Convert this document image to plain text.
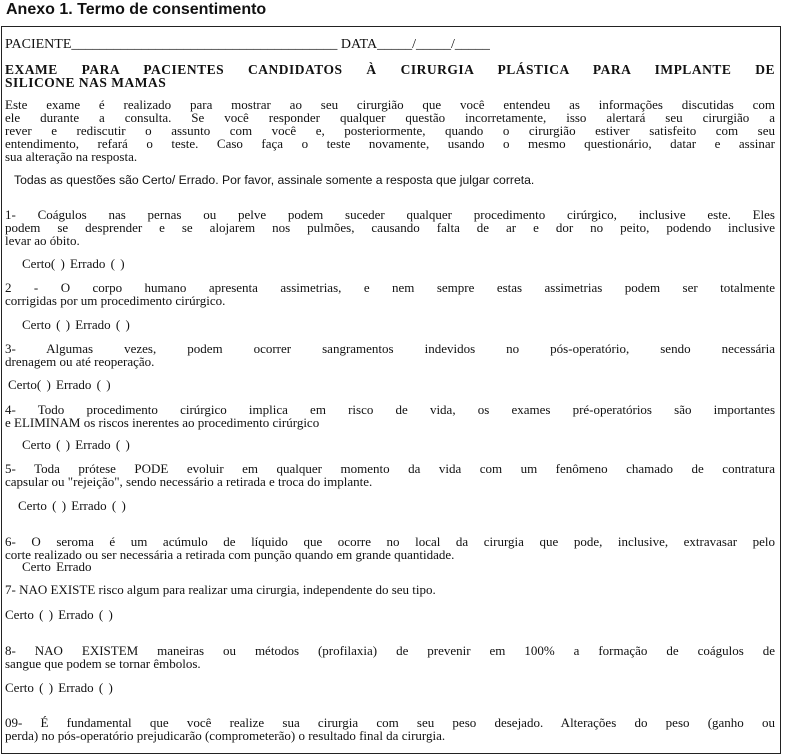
Anexo 1. Termo de consentimento
PACIENTE______________________________________ DATA_____/_____/_____
EXAME PARA PACIENTES CANDIDATOS À CIRURGIA PLÁSTICA PARA IMPLANTE DE
SILICONE NAS MAMAS
Este exame é realizado para mostrar ao seu cirurgião que você entendeu as informações discutidas com
ele durante a consulta. Se você responder qualquer questão incorretamente, isso alertará seu cirurgião a
rever e rediscutir o assunto com você e, posteriormente, quando o cirurgião estiver satisfeito com seu
entendimento, refará o teste. Caso faça o teste novamente, usando o mesmo questionário, datar e assinar
sua alteração na resposta.
Todas as questões são Certo/ Errado. Por favor, assinale somente a resposta que julgar correta.
1- Coágulos nas pernas ou pelve podem suceder qualquer procedimento cirúrgico, inclusive este. Eles
podem se desprender e se alojarem nos pulmões, causando falta de ar e dor no peito, podendo inclusive
levar ao óbito.
Certo( ) Errado ( )
2 - O corpo humano apresenta assimetrias, e nem sempre estas assimetrias podem ser totalmente
corrigidas por um procedimento cirúrgico.
Certo ( ) Errado ( )
3- Algumas vezes, podem ocorrer sangramentos indevidos no pós-operatório, sendo necessária
drenagem ou até reoperação.
Certo( ) Errado ( )
4- Todo procedimento cirúrgico implica em risco de vida, os exames pré-operatórios são importantes
e ELIMINAM os riscos inerentes ao procedimento cirúrgico
Certo ( ) Errado ( )
5- Toda prótese PODE evoluir em qualquer momento da vida com um fenômeno chamado de contratura
capsular ou "rejeição", sendo necessário a retirada e troca do implante.
Certo ( ) Errado ( )
6- O seroma é um acúmulo de líquido que ocorre no local da cirurgia que pode, inclusive, extravasar pelo
corte realizado ou ser necessária a retirada com punção quando em grande quantidade.
Certo Errado
7- NAO EXISTE risco algum para realizar uma cirurgia, independente do seu tipo.
Certo ( ) Errado ( )
8- NAO EXISTEM maneiras ou métodos (profilaxia) de prevenir em 100% a formação de coágulos de
sangue que podem se tornar êmbolos.
Certo ( ) Errado ( )
09- É fundamental que você realize sua cirurgia com seu peso desejado. Alterações do peso (ganho ou
perda) no pós-operatório prejudicarão (comprometerão) o resultado final da cirurgia.
